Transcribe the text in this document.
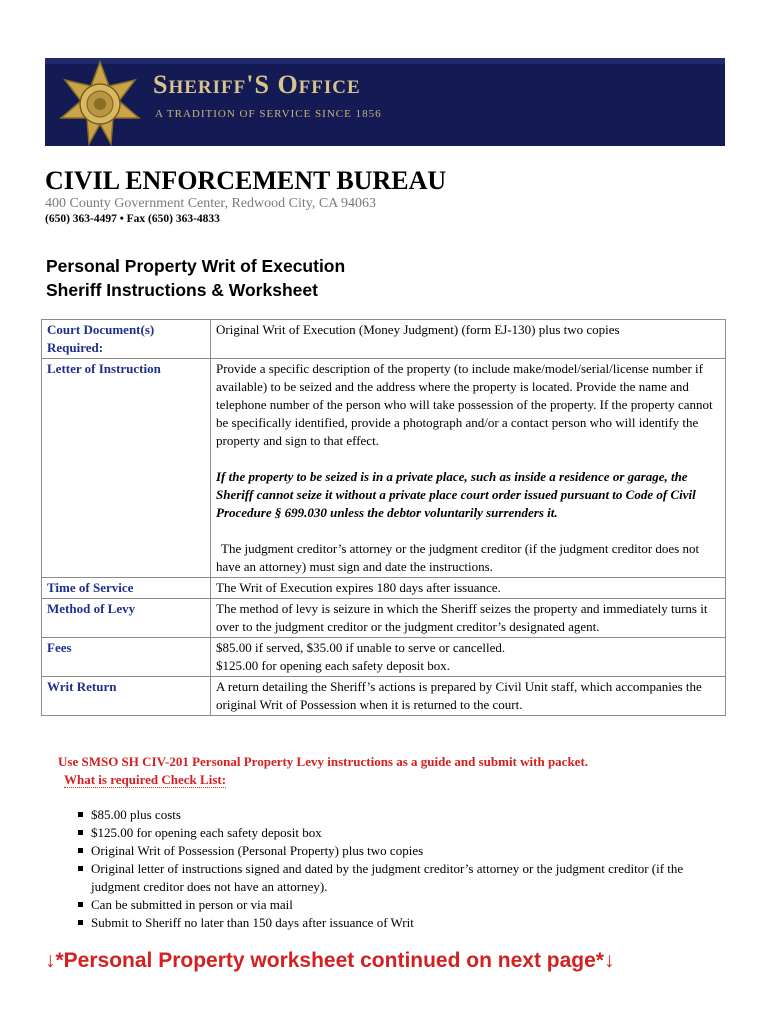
SHERIFF'S OFFICE
A TRADITION OF SERVICE SINCE 1856
CIVIL ENFORCEMENT BUREAU
400 County Government Center, Redwood City, CA 94063
(650) 363-4497 • Fax (650) 363-4833
Personal Property Writ of Execution
Sheriff Instructions & Worksheet
Court Document(s) Required:	Original Writ of Execution (Money Judgment) (form EJ-130) plus two copies
Letter of Instruction	Provide a specific description of the property (to include make/model/serial/license number if available) to be seized and the address where the property is located. Provide the name and telephone number of the person who will take possession of the property. If the property cannot be specifically identified, provide a photograph and/or a contact person who will identify the property and sign to that effect.

If the property to be seized is in a private place, such as inside a residence or garage, the Sheriff cannot seize it without a private place court order issued pursuant to Code of Civil Procedure § 699.030 unless the debtor voluntarily surrenders it.

The judgment creditor’s attorney or the judgment creditor (if the judgment creditor does not have an attorney) must sign and date the instructions.

Time of Service	The Writ of Execution expires 180 days after issuance.
Method of Levy	The method of levy is seizure in which the Sheriff seizes the property and immediately turns it over to the judgment creditor or the judgment creditor’s designated agent.
Fees	$85.00 if served, $35.00 if unable to serve or cancelled.
$125.00 for opening each safety deposit box.

Writ Return	A return detailing the Sheriff’s actions is prepared by Civil Unit staff, which accompanies the original Writ of Possession when it is returned to the court.
Use SMSO SH CIV-201 Personal Property Levy instructions as a guide and submit with packet.
What is required Check List:
$85.00 plus costs
$125.00 for opening each safety deposit box
Original Writ of Possession (Personal Property) plus two copies
Original letter of instructions signed and dated by the judgment creditor’s attorney or the judgment creditor (if the judgment creditor does not have an attorney).
Can be submitted in person or via mail
Submit to Sheriff no later than 150 days after issuance of Writ
↓*Personal Property worksheet continued on next page*↓
